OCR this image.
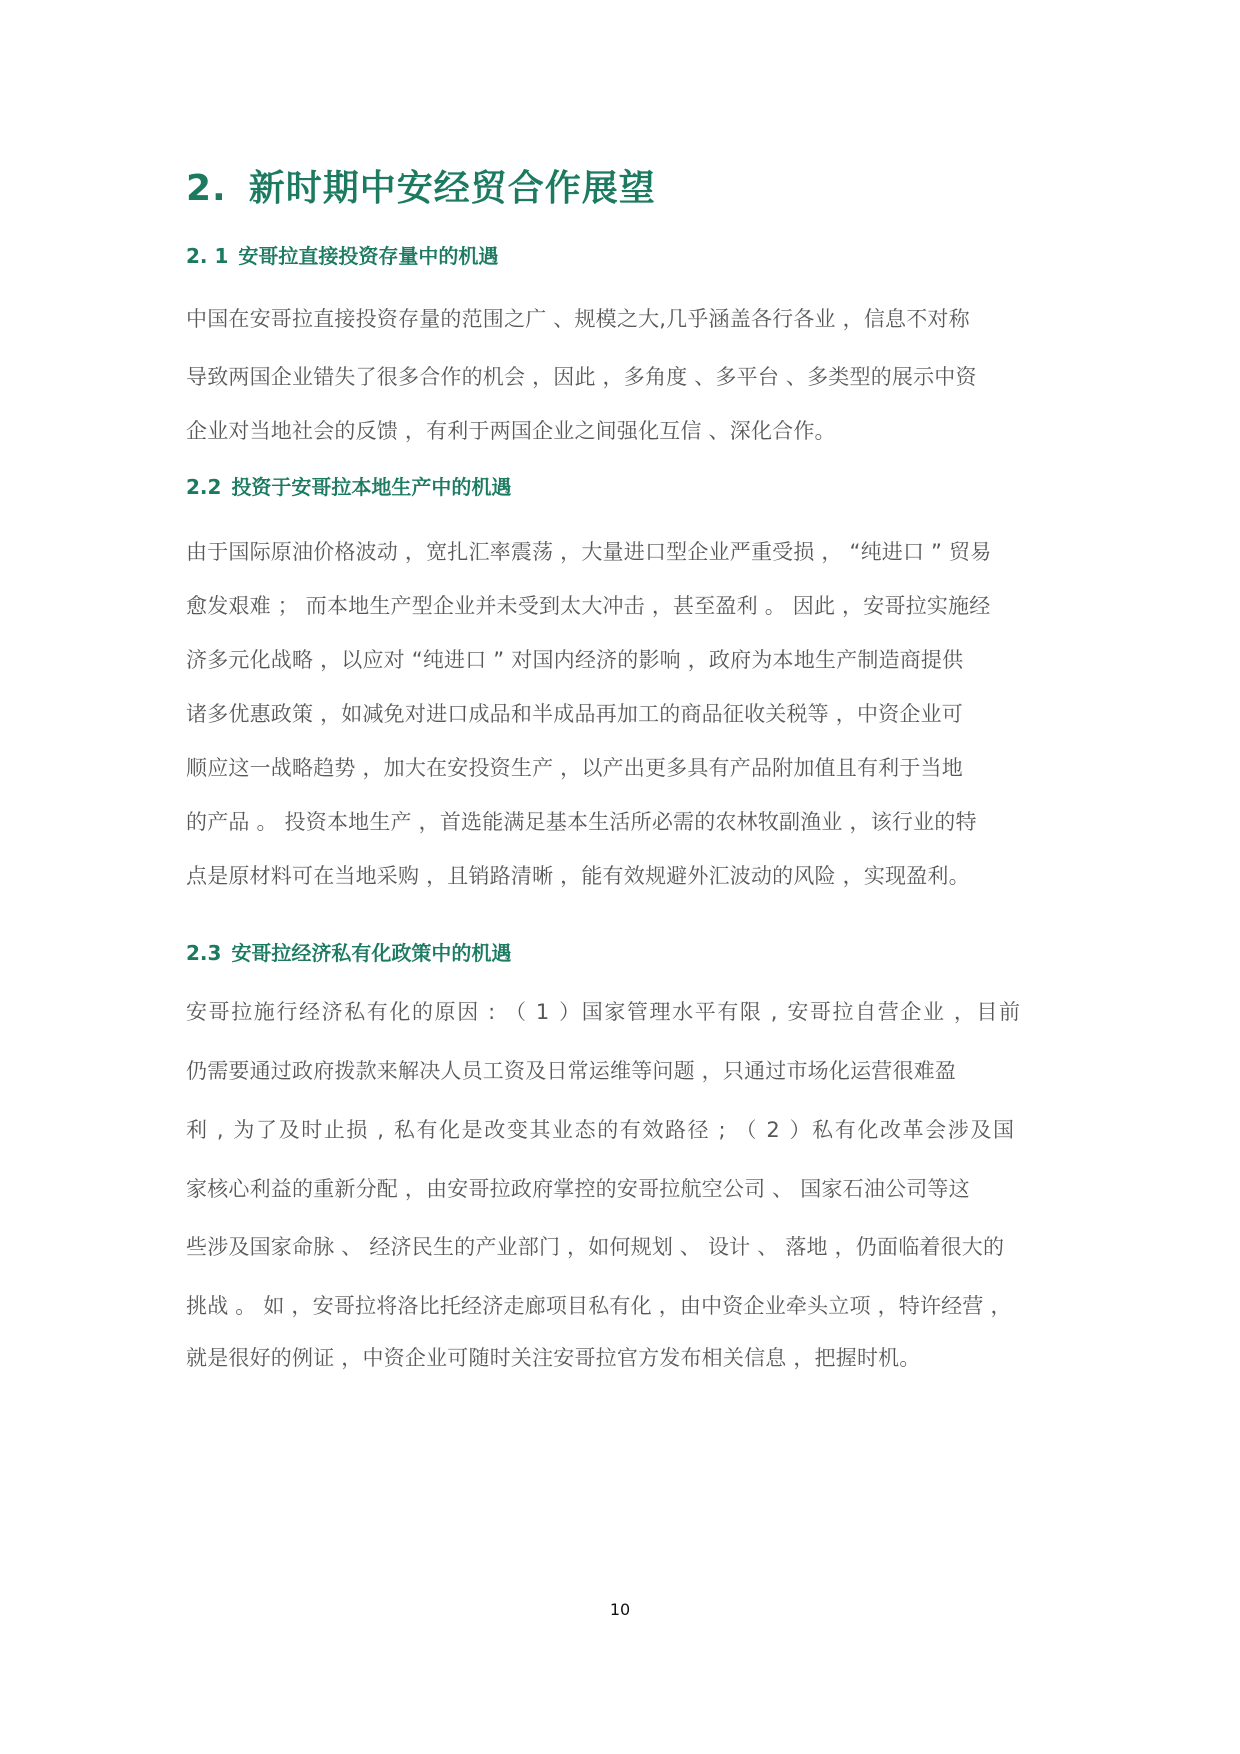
2. 新时期中安经贸合作展望
2. 1 安哥拉直接投资存量中的机遇
中国在安哥拉直接投资存量的范围之广 、规模之大,几乎涵盖各行各业 ，信息不对称
导致两国企业错失了很多合作的机会 ，因此 ，多角度 、多平台 、多类型的展示中资
企业对当地社会的反馈 ，有利于两国企业之间强化互信 、深化合作。
2.2 投资于安哥拉本地生产中的机遇
由于国际原油价格波动 ，宽扎汇率震荡 ，大量进口型企业严重受损 ， “纯进口 ” 贸易
愈发艰难 ； 而本地生产型企业并未受到太大冲击 ，甚至盈利 。 因此 ，安哥拉实施经
济多元化战略 ，以应对 “纯进口 ” 对国内经济的影响 ，政府为本地生产制造商提供
诸多优惠政策 ，如减免对进口成品和半成品再加工的商品征收关税等 ，中资企业可
顺应这一战略趋势 ，加大在安投资生产 ，以产出更多具有产品附加值且有利于当地
的产品 。 投资本地生产 ，首选能满足基本生活所必需的农林牧副渔业 ，该行业的特
点是原材料可在当地采购 ，且销路清晰 ，能有效规避外汇波动的风险 ，实现盈利。
2.3 安哥拉经济私有化政策中的机遇
安哥拉施行经济私有化的原因 : （ 1 ）国家管理水平有限 , 安哥拉自营企业 ，目前
仍需要通过政府拨款来解决人员工资及日常运维等问题 ，只通过市场化运营很难盈
利 , 为了及时止损 , 私有化是改变其业态的有效路径 ; （ 2 ）私有化改革会涉及国
家核心利益的重新分配 ，由安哥拉政府掌控的安哥拉航空公司 、 国家石油公司等这
些涉及国家命脉 、 经济民生的产业部门 ，如何规划 、 设计 、 落地 ，仍面临着很大的
挑战 。 如 ，安哥拉将洛比托经济走廊项目私有化 ，由中资企业牵头立项 ，特许经营 ，
就是很好的例证 ，中资企业可随时关注安哥拉官方发布相关信息 ，把握时机。
10
